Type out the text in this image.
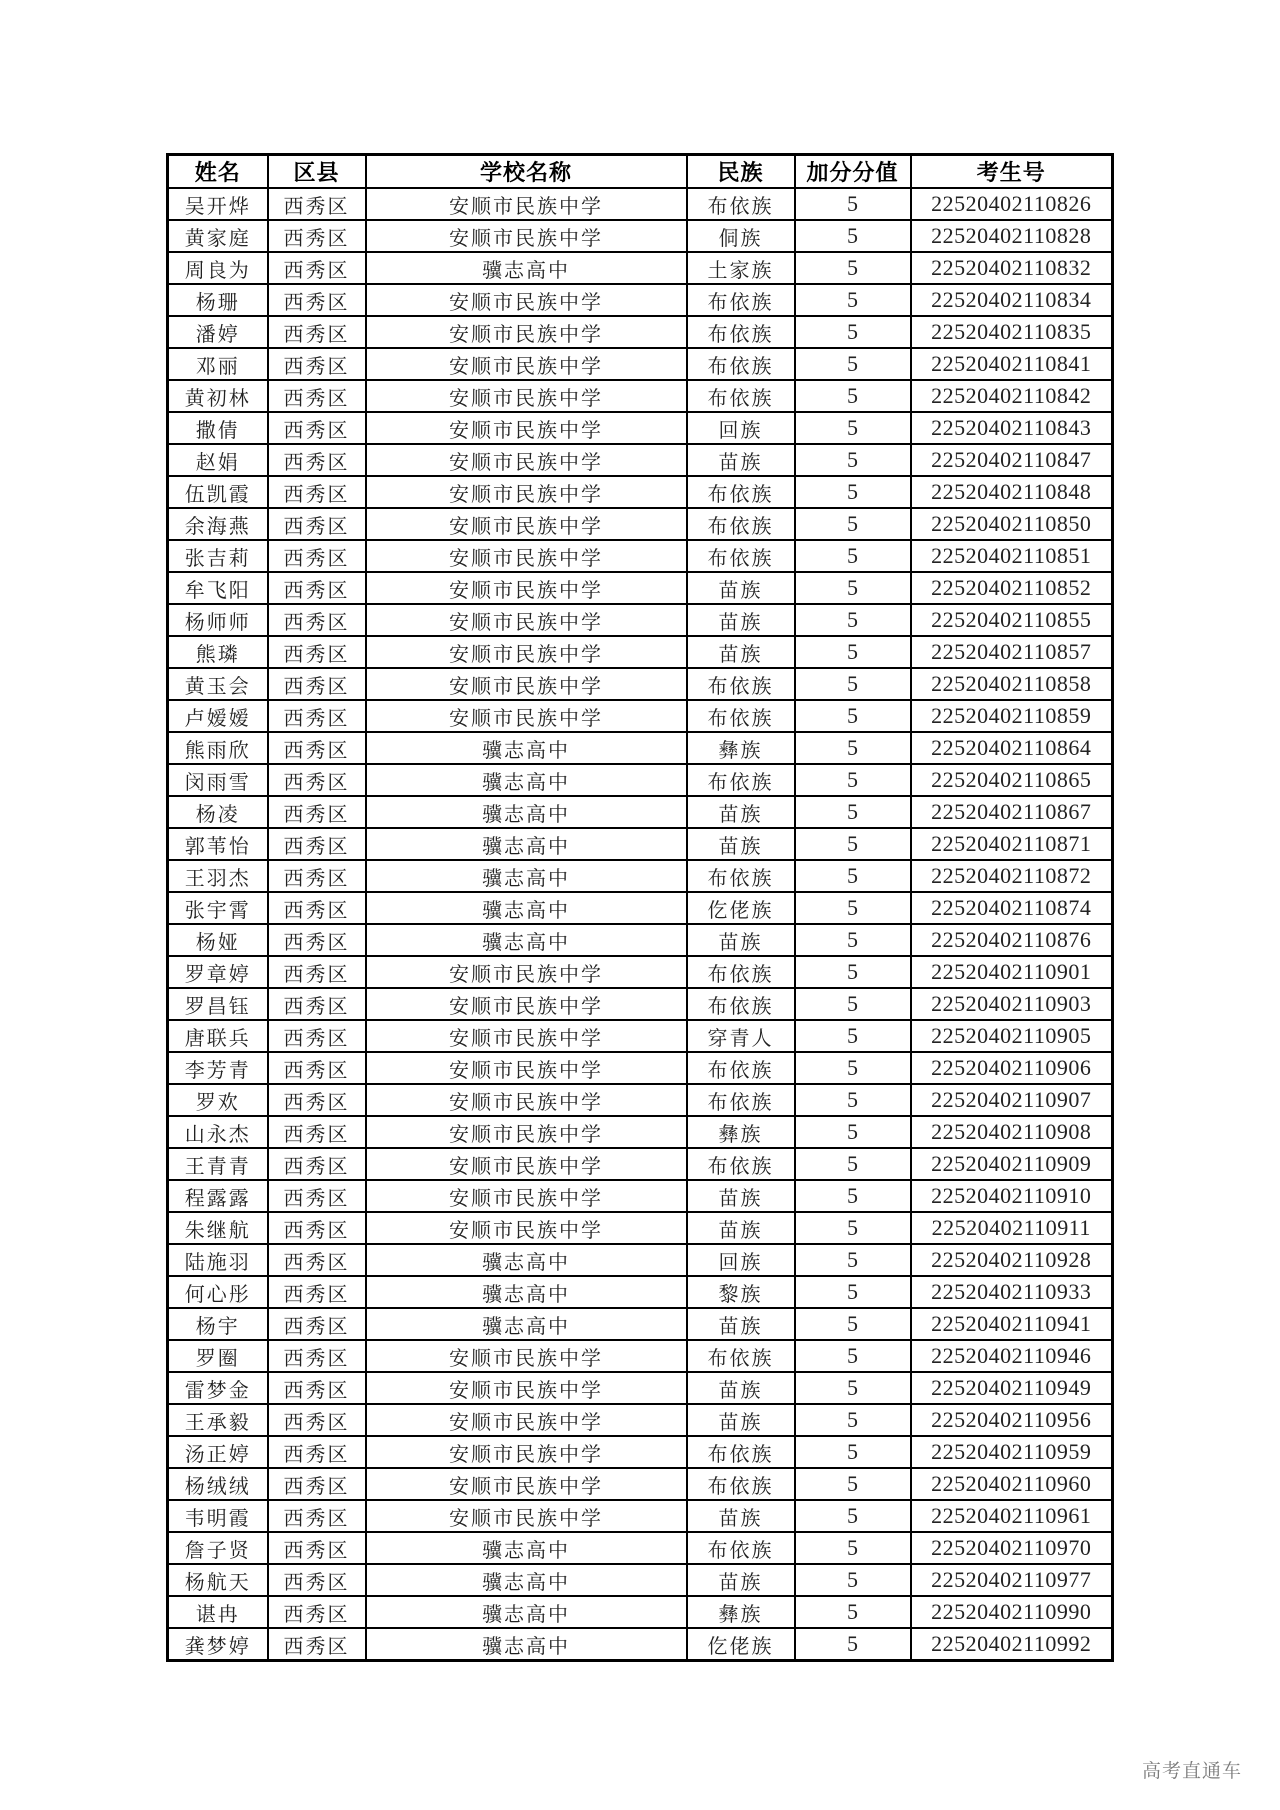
姓名	区县	学校名称	民族	加分分值	考生号
吴开烨	西秀区	安顺市民族中学	布依族	5	22520402110826
黄家庭	西秀区	安顺市民族中学	侗族	5	22520402110828
周良为	西秀区	骥志高中	土家族	5	22520402110832
杨珊	西秀区	安顺市民族中学	布依族	5	22520402110834
潘婷	西秀区	安顺市民族中学	布依族	5	22520402110835
邓丽	西秀区	安顺市民族中学	布依族	5	22520402110841
黄初林	西秀区	安顺市民族中学	布依族	5	22520402110842
撒倩	西秀区	安顺市民族中学	回族	5	22520402110843
赵娟	西秀区	安顺市民族中学	苗族	5	22520402110847
伍凯霞	西秀区	安顺市民族中学	布依族	5	22520402110848
余海燕	西秀区	安顺市民族中学	布依族	5	22520402110850
张吉莉	西秀区	安顺市民族中学	布依族	5	22520402110851
牟飞阳	西秀区	安顺市民族中学	苗族	5	22520402110852
杨师师	西秀区	安顺市民族中学	苗族	5	22520402110855
熊璘	西秀区	安顺市民族中学	苗族	5	22520402110857
黄玉会	西秀区	安顺市民族中学	布依族	5	22520402110858
卢嫒嫒	西秀区	安顺市民族中学	布依族	5	22520402110859
熊雨欣	西秀区	骥志高中	彝族	5	22520402110864
闵雨雪	西秀区	骥志高中	布依族	5	22520402110865
杨凌	西秀区	骥志高中	苗族	5	22520402110867
郭苇怡	西秀区	骥志高中	苗族	5	22520402110871
王羽杰	西秀区	骥志高中	布依族	5	22520402110872
张宇霄	西秀区	骥志高中	仡佬族	5	22520402110874
杨娅	西秀区	骥志高中	苗族	5	22520402110876
罗章婷	西秀区	安顺市民族中学	布依族	5	22520402110901
罗昌钰	西秀区	安顺市民族中学	布依族	5	22520402110903
唐联兵	西秀区	安顺市民族中学	穿青人	5	22520402110905
李芳青	西秀区	安顺市民族中学	布依族	5	22520402110906
罗欢	西秀区	安顺市民族中学	布依族	5	22520402110907
山永杰	西秀区	安顺市民族中学	彝族	5	22520402110908
王青青	西秀区	安顺市民族中学	布依族	5	22520402110909
程露露	西秀区	安顺市民族中学	苗族	5	22520402110910
朱继航	西秀区	安顺市民族中学	苗族	5	22520402110911
陆施羽	西秀区	骥志高中	回族	5	22520402110928
何心彤	西秀区	骥志高中	黎族	5	22520402110933
杨宇	西秀区	骥志高中	苗族	5	22520402110941
罗圈	西秀区	安顺市民族中学	布依族	5	22520402110946
雷梦金	西秀区	安顺市民族中学	苗族	5	22520402110949
王承毅	西秀区	安顺市民族中学	苗族	5	22520402110956
汤正婷	西秀区	安顺市民族中学	布依族	5	22520402110959
杨绒绒	西秀区	安顺市民族中学	布依族	5	22520402110960
韦明霞	西秀区	安顺市民族中学	苗族	5	22520402110961
詹子贤	西秀区	骥志高中	布依族	5	22520402110970
杨航天	西秀区	骥志高中	苗族	5	22520402110977
谌冉	西秀区	骥志高中	彝族	5	22520402110990
龚梦婷	西秀区	骥志高中	仡佬族	5	22520402110992
高考直通车
